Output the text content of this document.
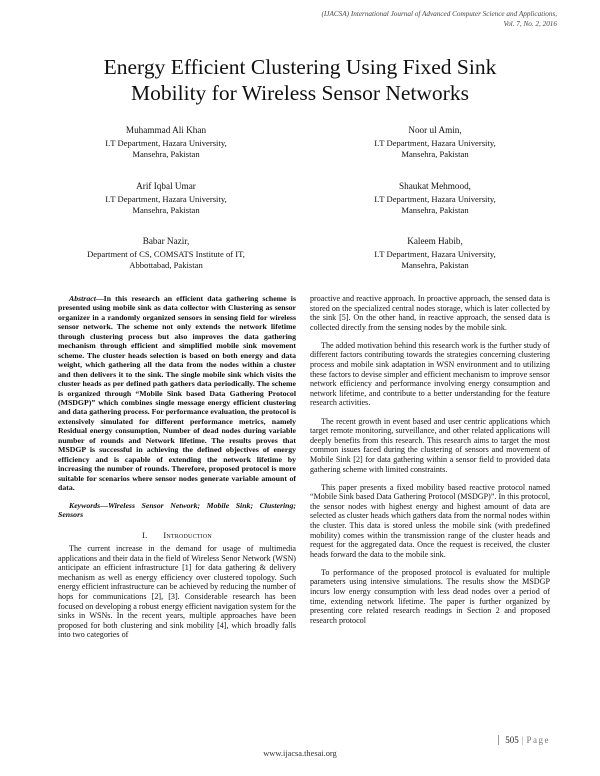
(IJACSA) International Journal of Advanced Computer Science and Applications,
Vol. 7, No. 2, 2016
Energy Efficient Clustering Using Fixed Sink
Mobility for Wireless Sensor Networks
Muhammad Ali Khan
I.T Department, Hazara University,
Mansehra, Pakistan
Noor ul Amin,
I.T Department, Hazara University,
Mansehra, Pakistan
Arif Iqbal Umar
I.T Department, Hazara University,
Mansehra, Pakistan
Shaukat Mehmood,
I.T Department, Hazara University,
Mansehra, Pakistan
Babar Nazir,
Department of CS, COMSATS Institute of IT,
Abbottabad, Pakistan
Kaleem Habib,
I.T Department, Hazara University,
Mansehra, Pakistan

Abstract—In this research an efficient data gathering scheme is presented using mobile sink as data collector with Clustering as sensor organizer in a randomly organized sensors in sensing field for wireless sensor network. The scheme not only extends the network lifetime through clustering process but also improves the data gathering mechanism through efficient and simplified mobile sink movement scheme. The cluster heads selection is based on both energy and data weight, which gathering all the data from the nodes within a cluster and then delivers it to the sink. The single mobile sink which visits the cluster heads as per defined path gathers data periodically. The scheme is organized through “Mobile Sink based Data Gathering Protocol (MSDGP)” which combines single message energy efficient clustering and data gathering process. For performance evaluation, the protocol is extensively simulated for different performance metrics, namely Residual energy consumption, Number of dead nodes during variable number of rounds and Network lifetime. The results proves that MSDGP is successful in achieving the defined objectives of energy efficiency and is capable of extending the network lifetime by increasing the number of rounds. Therefore, proposed protocol is more suitable for scenarios where sensor nodes generate variable amount of data.

Keywords—Wireless Sensor Network; Mobile Sink; Clustering; Sensors

I. Introduction

The current increase in the demand for usage of multimedia applications and their data in the field of Wireless Senor Network (WSN) anticipate an efficient infrastructure [1] for data gathering & delivery mechanism as well as energy efficiency over clustered topology. Such energy efficient infrastructure can be achieved by reducing the number of hops for communications [2], [3]. Considerable research has been focused on developing a robust energy efficient navigation system for the sinks in WSNs. In the recent years, multiple approaches have been proposed for both clustering and sink mobility [4], which broadly falls into two categories of

proactive and reactive approach. In proactive approach, the sensed data is stored on the specialized central nodes storage, which is later collected by the sink [5]. On the other hand, in reactive approach, the sensed data is collected directly from the sensing nodes by the mobile sink.

The added motivation behind this research work is the further study of different factors contributing towards the strategies concerning clustering process and mobile sink adaptation in WSN environment and to utilizing these factors to devise simpler and efficient mechanism to improve sensor network efficiency and performance involving energy consumption and network lifetime, and contribute to a better understanding for the feature research activities.

The recent growth in event based and user centric applications which target remote monitoring, surveillance, and other related applications will deeply benefits from this research. This research aims to target the most common issues faced during the clustering of sensors and movement of Mobile Sink [2] for data gathering within a sensor field to provided data gathering scheme with limited constraints.

This paper presents a fixed mobility based reactive protocol named “Mobile Sink based Data Gathering Protocol (MSDGP)”. In this protocol, the sensor nodes with highest energy and highest amount of data are selected as cluster heads which gathers data from the normal nodes within the cluster. This data is stored unless the mobile sink (with predefined mobility) comes within the transmission range of the cluster heads and request for the aggregated data. Once the request is received, the cluster heads forward the data to the mobile sink.

To performance of the proposed protocol is evaluated for multiple parameters using intensive simulations. The results show the MSDGP incurs low energy consumption with less dead nodes over a period of time, extending network lifetime. The paper is further organized by presenting core related research readings in Section 2 and proposed research protocol

505 | Page
www.ijacsa.thesai.org
